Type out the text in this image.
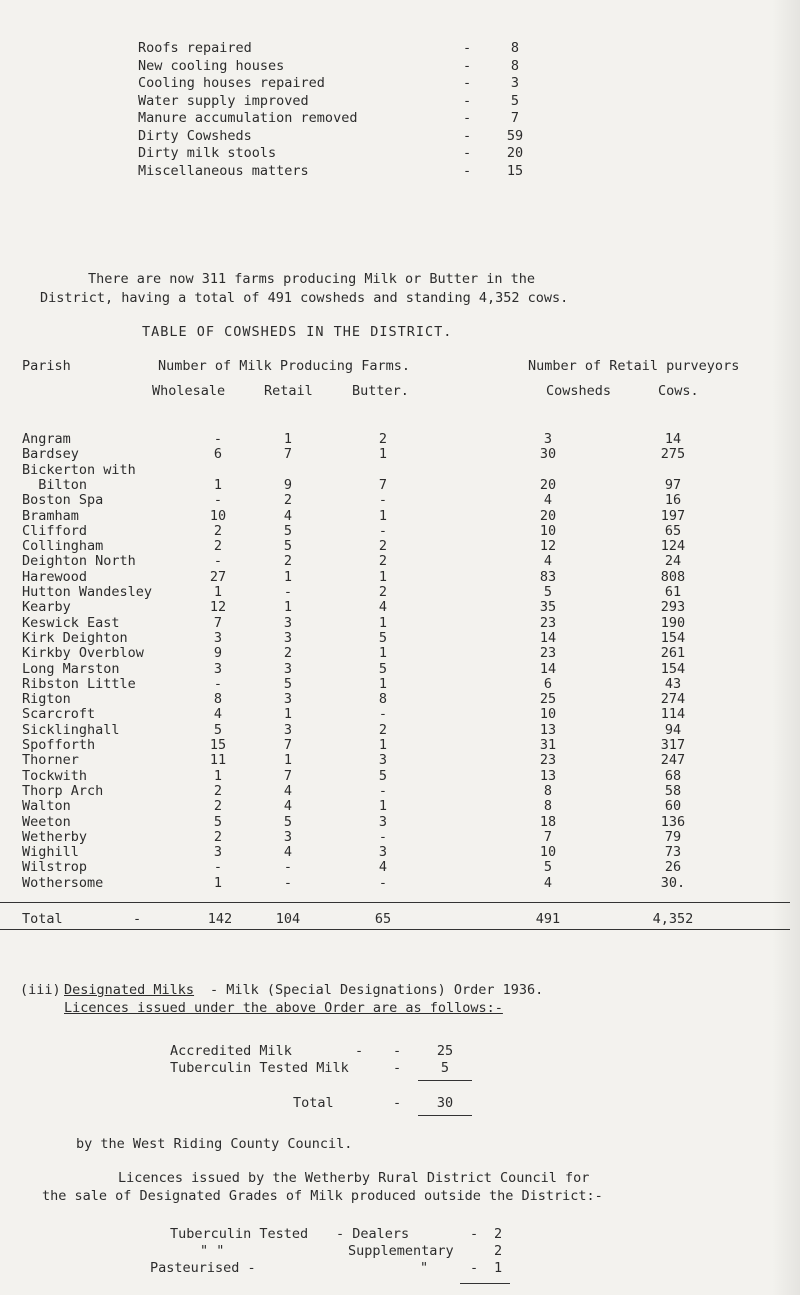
Roofs repaired	-	8
New cooling houses	-	8
Cooling houses repaired	-	3
Water supply improved	-	5
Manure accumulation removed	-	7
Dirty Cowsheds	-	59
Dirty milk stools	-	20
Miscellaneous matters	-	15
There are now 311 farms producing Milk or Butter in the
District, having a total of 491 cowsheds and standing 4,352 cows.
TABLE OF COWSHEDS IN THE DISTRICT.
Parish	Number of Milk Producing Farms.	Number of Retail purveyors
Wholesale	Retail	Butter.	Cowsheds	Cows.
Angram	-	1	2	3	14
Bardsey	6	7	1	30	275
Bickerton with
Bilton	1	9	7	20	97
Boston Spa	-	2	-	4	16
Bramham	10	4	1	20	197
Clifford	2	5	-	10	65
Collingham	2	5	2	12	124
Deighton North	-	2	2	4	24
Harewood	27	1	1	83	808
Hutton Wandesley	1	-	2	5	61
Kearby	12	1	4	35	293
Keswick East	7	3	1	23	190
Kirk Deighton	3	3	5	14	154
Kirkby Overblow	9	2	1	23	261
Long Marston	3	3	5	14	154
Ribston Little	-	5	1	6	43
Rigton	8	3	8	25	274
Scarcroft	4	1	-	10	114
Sicklinghall	5	3	2	13	94
Spofforth	15	7	1	31	317
Thorner	11	1	3	23	247
Tockwith	1	7	5	13	68
Thorp Arch	2	4	-	8	58
Walton	2	4	1	8	60
Weeton	5	5	3	18	136
Wetherby	2	3	-	7	79
Wighill	3	4	3	10	73
Wilstrop	-	-	4	5	26
Wothersome	1	-	-	4	30.
Total	-	142	104	65	491	4,352
(iii) Designated Milks - Milk (Special Designations) Order 1936.
Licences issued under the above Order are as follows:-
Accredited Milk	- -	25
Tuberculin Tested Milk	-	5
Total	-	30
by the West Riding County Council.
Licences issued by the Wetherby Rural District Council for
the sale of Designated Grades of Milk produced outside the District:-
Tuberculin Tested - Dealers	- 2
" "	Supplementary	2
Pasteurised -	"	- 1
